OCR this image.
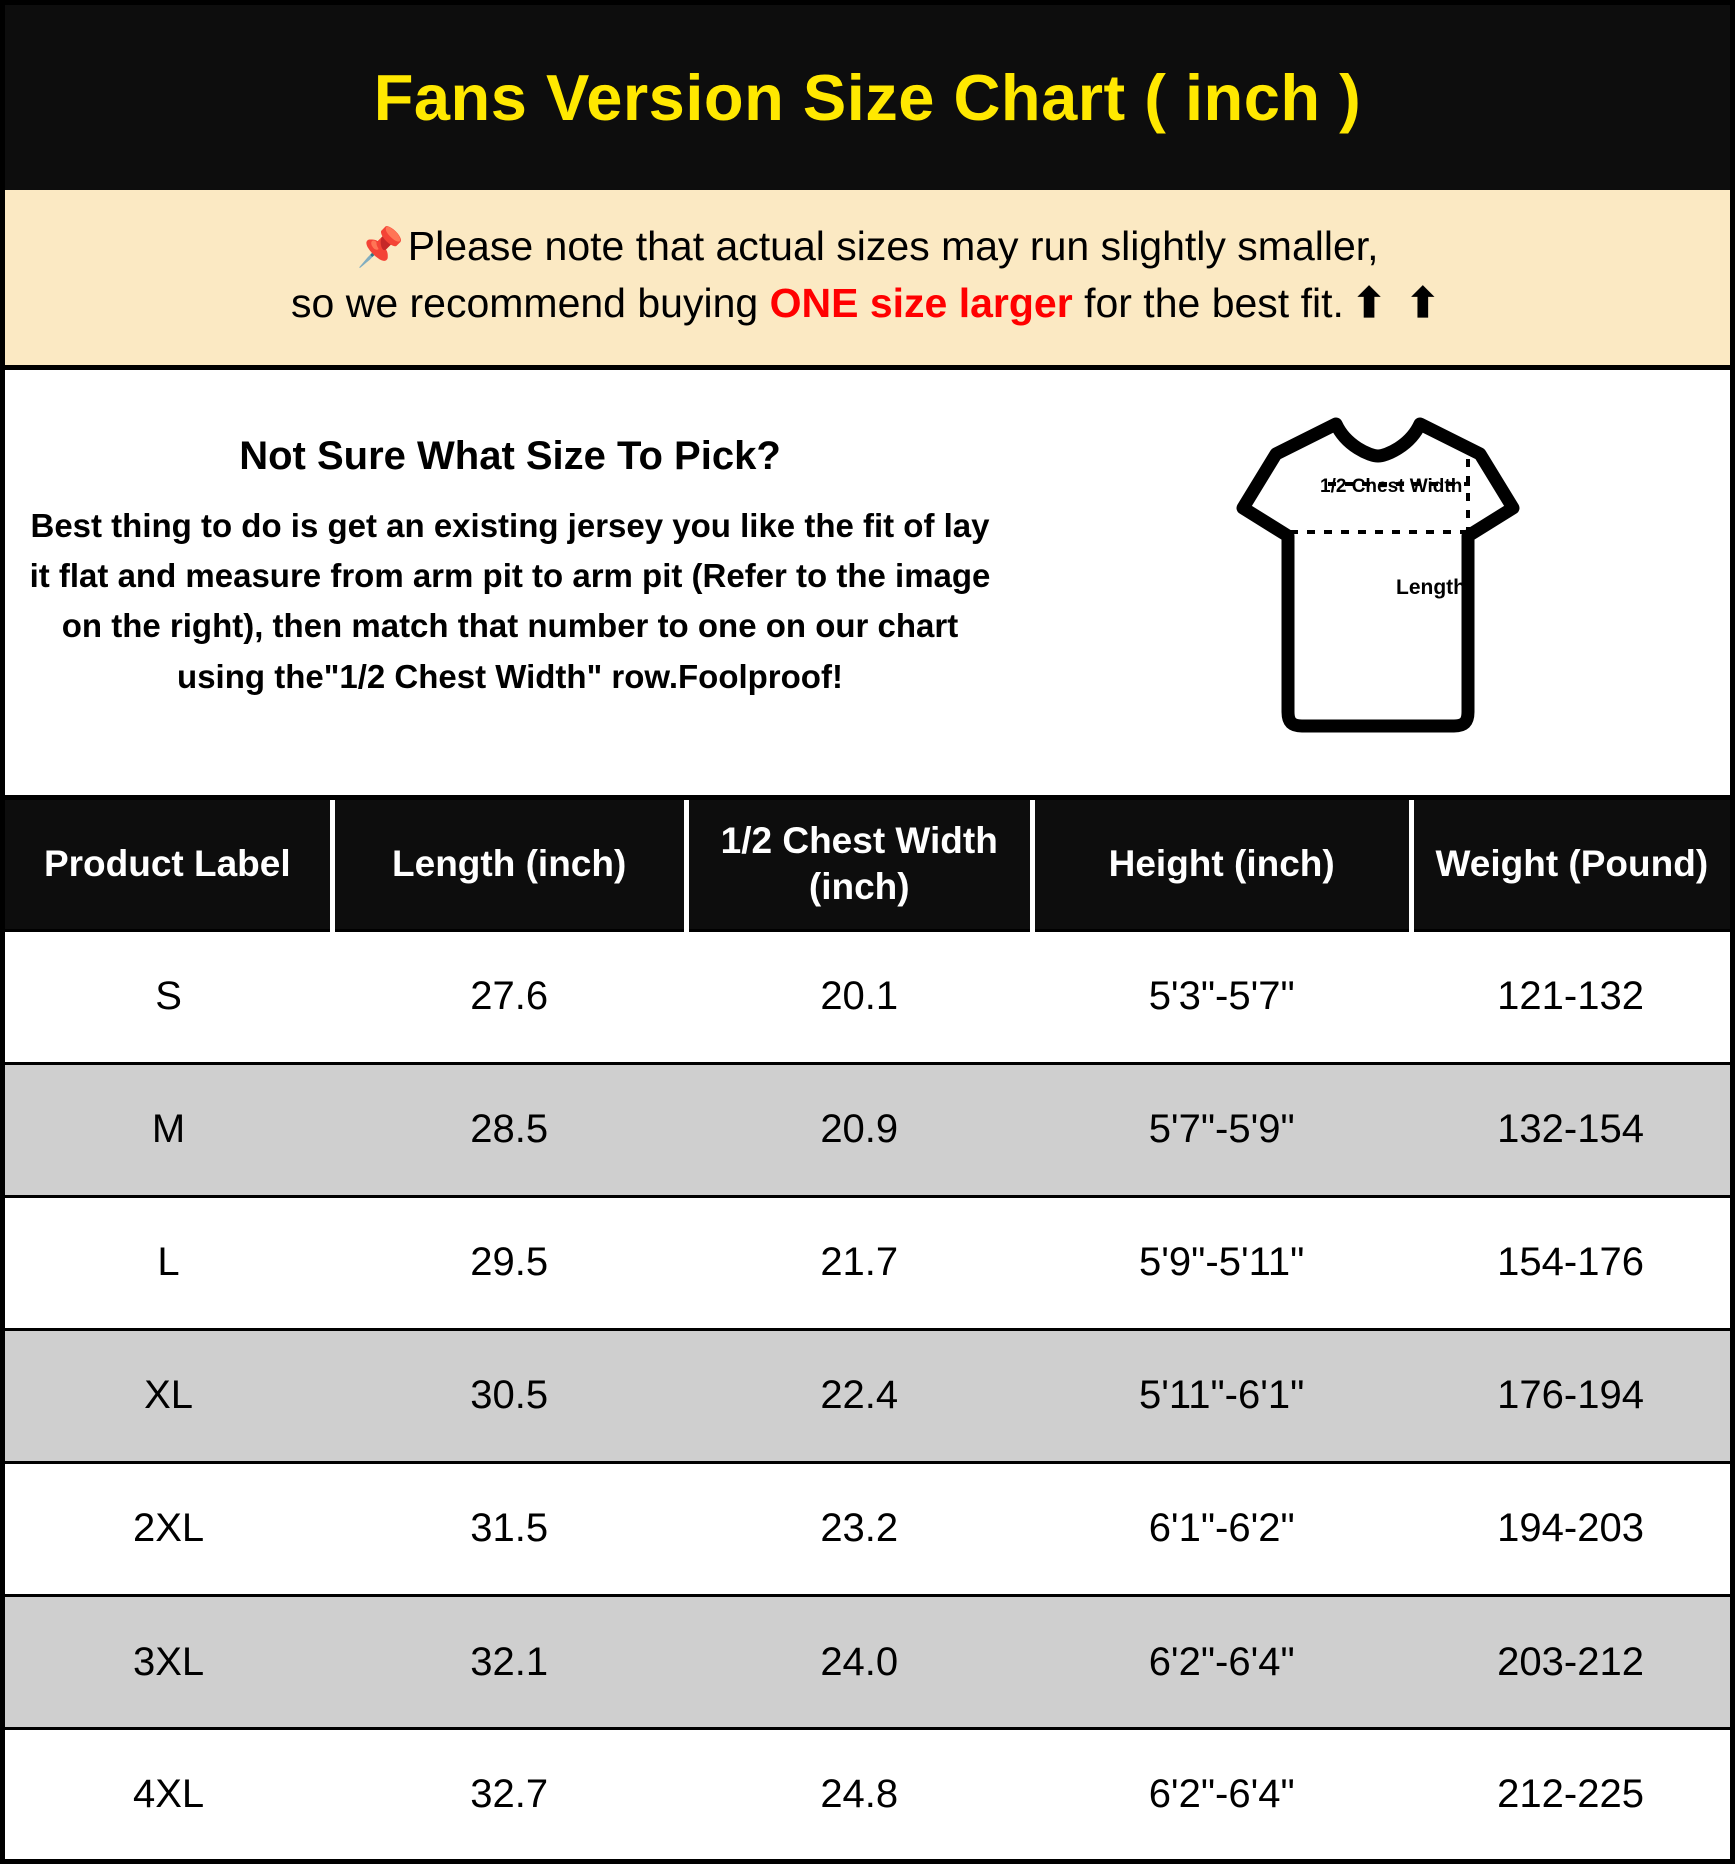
Fans Version Size Chart ( inch )
📌Please note that actual sizes may run slightly smaller,
so we recommend buying ONE size larger for the best fit. ⬆ ⬆
Not Sure What Size To Pick?
Best thing to do is get an existing jersey you like the fit of lay it flat and measure from arm pit to arm pit (Refer to the image on the right), then match that number to one on our chart using the"1/2 Chest Width" row.Foolproof!
1/2 Chest Width
Length
Product Label	Length (inch)	1/2 Chest Width (inch)	Height (inch)	Weight (Pound)
S	27.6	20.1	5'3"-5'7"	121-132
M	28.5	20.9	5'7"-5'9"	132-154
L	29.5	21.7	5'9"-5'11"	154-176
XL	30.5	22.4	5'11"-6'1"	176-194
2XL	31.5	23.2	6'1"-6'2"	194-203
3XL	32.1	24.0	6'2"-6'4"	203-212
4XL	32.7	24.8	6'2"-6'4"	212-225
